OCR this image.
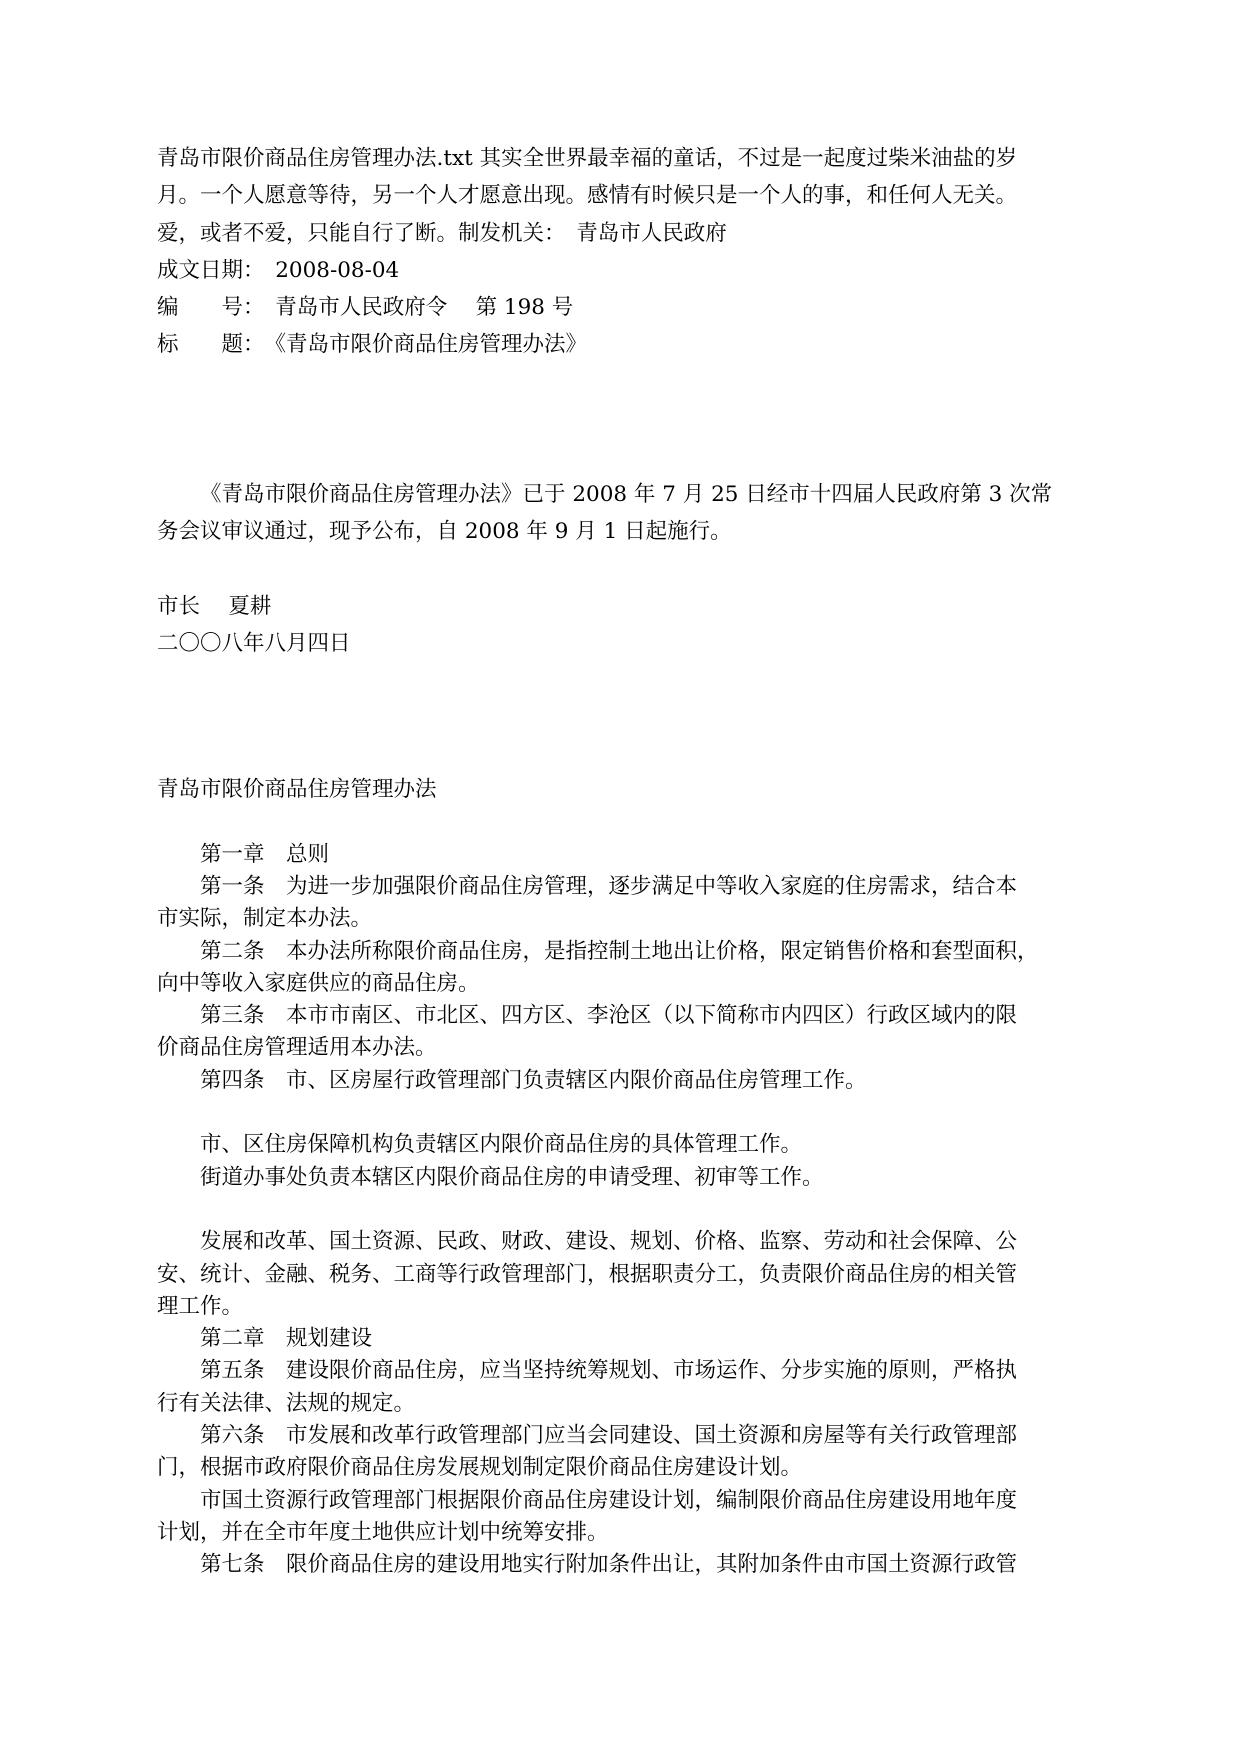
青岛市限价商品住房管理办法.txt 其实全世界最幸福的童话，不过是一起度过柴米油盐的岁
月。一个人愿意等待，另一个人才愿意出现。感情有时候只是一个人的事，和任何人无关。
爱，或者不爱，只能自行了断。制发机关：　青岛市人民政府
成文日期：　2008-08-04
编　　号：　青岛市人民政府令　 第 198 号
标　　题：　《青岛市限价商品住房管理办法》

《青岛市限价商品住房管理办法》已于 2008 年 7 月 25 日经市十四届人民政府第 3 次常
务会议审议通过，现予公布，自 2008 年 9 月 1 日起施行。

市长　 夏耕
二〇〇八年八月四日

青岛市限价商品住房管理办法

第一章　总则
第一条　为进一步加强限价商品住房管理，逐步满足中等收入家庭的住房需求，结合本
市实际，制定本办法。
第二条　本办法所称限价商品住房，是指控制土地出让价格，限定销售价格和套型面积，
向中等收入家庭供应的商品住房。
第三条　本市市南区、市北区、四方区、李沧区（以下简称市内四区）行政区域内的限
价商品住房管理适用本办法。
第四条　市、区房屋行政管理部门负责辖区内限价商品住房管理工作。

市、区住房保障机构负责辖区内限价商品住房的具体管理工作。
街道办事处负责本辖区内限价商品住房的申请受理、初审等工作。

发展和改革、国土资源、民政、财政、建设、规划、价格、监察、劳动和社会保障、公
安、统计、金融、税务、工商等行政管理部门，根据职责分工，负责限价商品住房的相关管
理工作。
第二章　规划建设
第五条　建设限价商品住房，应当坚持统筹规划、市场运作、分步实施的原则，严格执
行有关法律、法规的规定。
第六条　市发展和改革行政管理部门应当会同建设、国土资源和房屋等有关行政管理部
门，根据市政府限价商品住房发展规划制定限价商品住房建设计划。
市国土资源行政管理部门根据限价商品住房建设计划，编制限价商品住房建设用地年度
计划，并在全市年度土地供应计划中统筹安排。
第七条　限价商品住房的建设用地实行附加条件出让，其附加条件由市国土资源行政管
